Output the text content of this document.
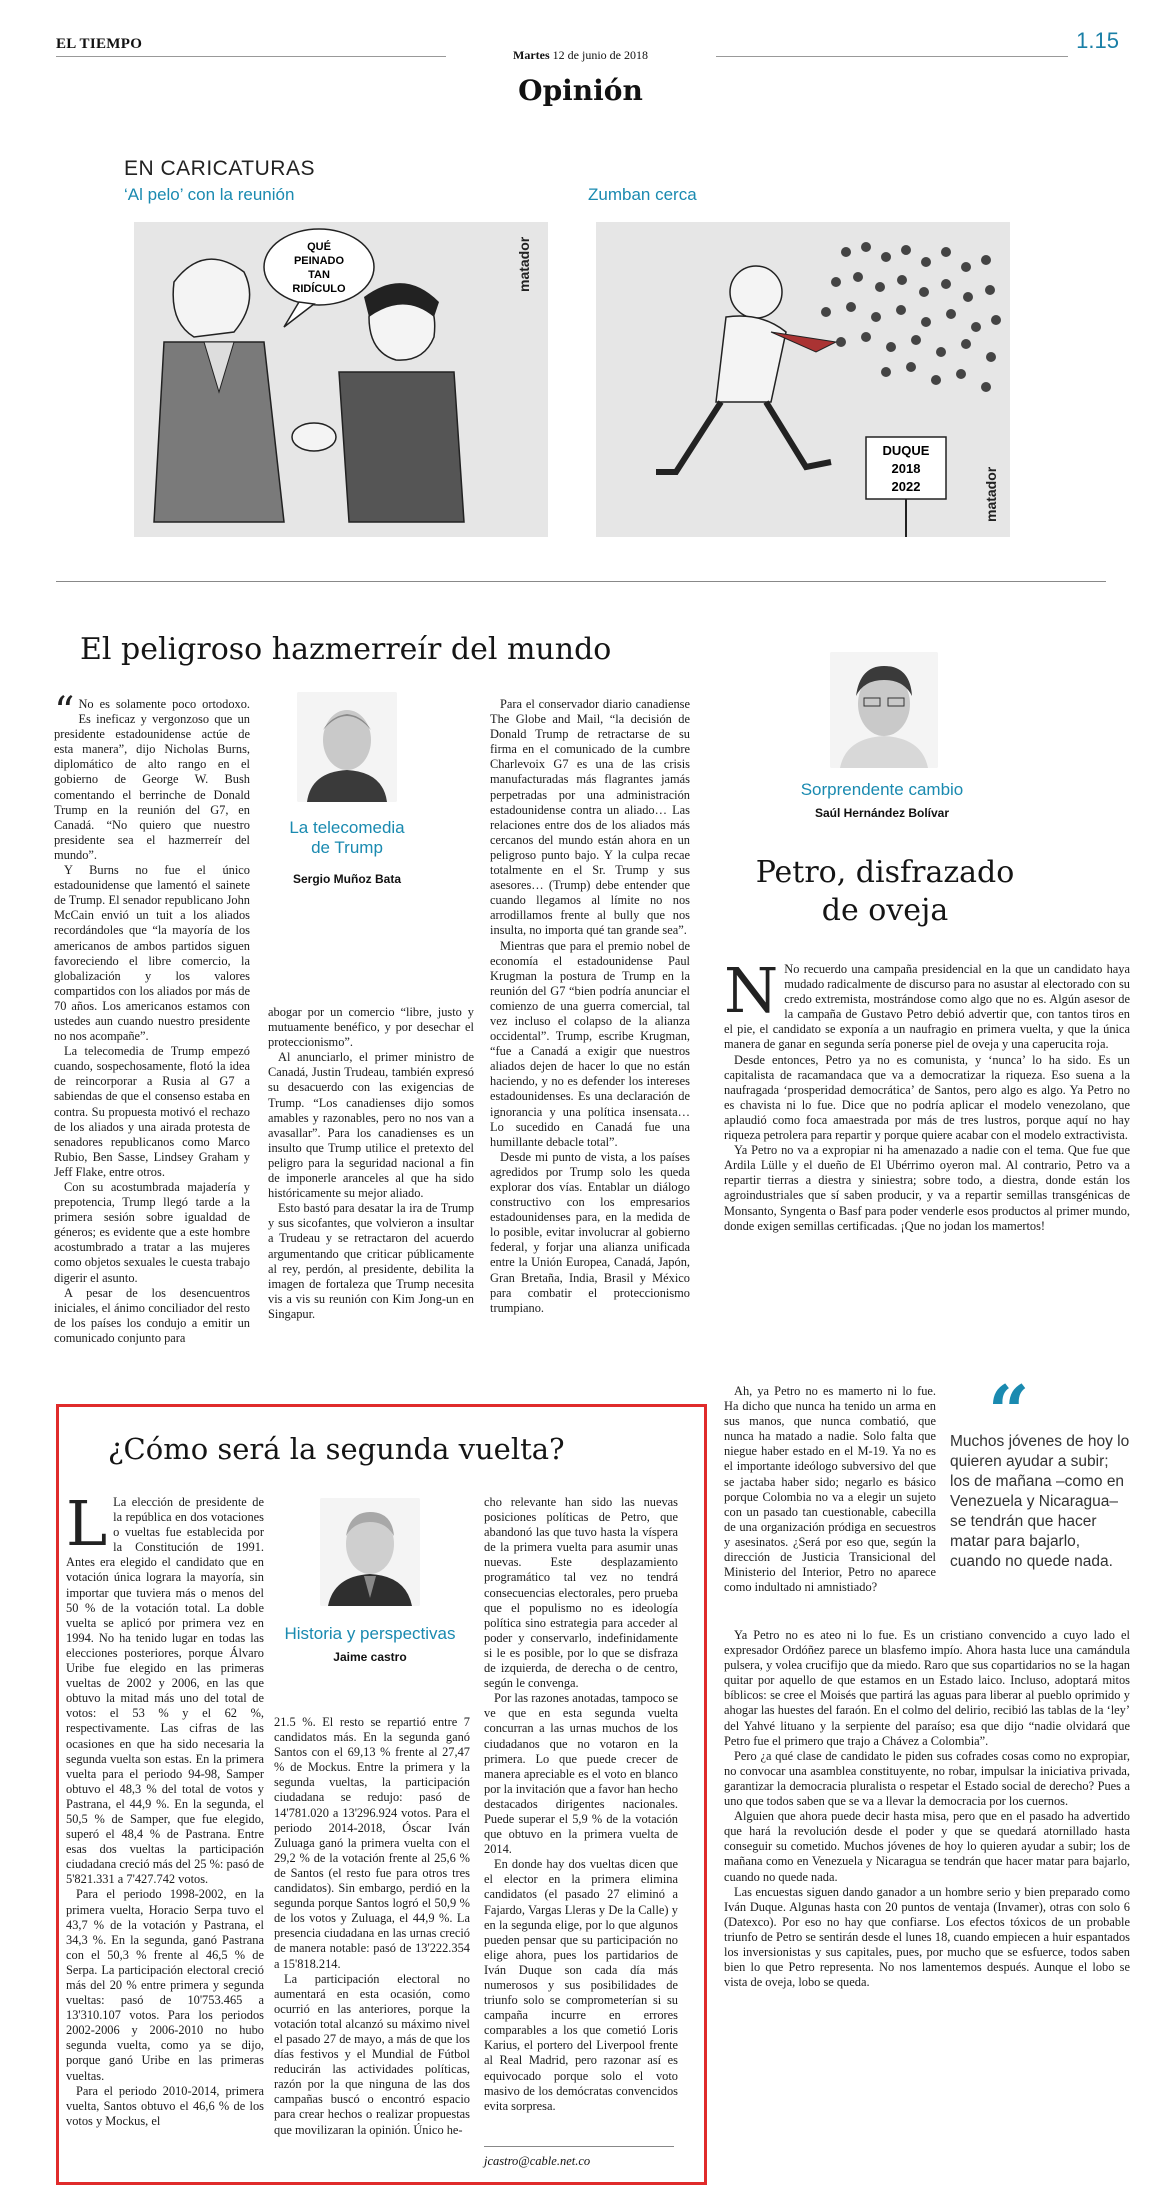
EL TIEMPO
Martes 12 de junio de 2018
1.15
Opinión
EN CARICATURAS
‘Al pelo’ con la reunión	Zumban cerca
QUÉ
PEINADO
TAN
RIDÍCULO	matador
DUQUE
2018
2022	matador
El peligroso hazmerreír del mundo

“ No es solamente poco ortodoxo. Es ineficaz y vergonzoso que un presidente estadounidense actúe de esta manera”, dijo Nicholas Burns, diplomático de alto rango en el gobierno de George W. Bush comentando el berrinche de Donald Trump en la reunión del G7, en Canadá. “No quiero que nuestro presidente sea el hazmerreír del mundo”.

Y Burns no fue el único estadounidense que lamentó el sainete de Trump. El senador republicano John McCain envió un tuit a los aliados recordándoles que “la mayoría de los americanos de ambos partidos siguen favoreciendo el libre comercio, la globalización y los valores compartidos con los aliados por más de 70 años. Los americanos estamos con ustedes aun cuando nuestro presidente no nos acompañe”.

La telecomedia de Trump empezó cuando, sospechosamente, flotó la idea de reincorporar a Rusia al G7 a sabiendas de que el consenso estaba en contra. Su propuesta motivó el rechazo de los aliados y una airada protesta de senadores republicanos como Marco Rubio, Ben Sasse, Lindsey Graham y Jeff Flake, entre otros.

Con su acostumbrada majadería y prepotencia, Trump llegó tarde a la primera sesión sobre igualdad de géneros; es evidente que a este hombre acostumbrado a tratar a las mujeres como objetos sexuales le cuesta trabajo digerir el asunto.

A pesar de los desencuentros iniciales, el ánimo conciliador del resto de los países los condujo a emitir un comunicado conjunto para

La telecomedia
de Trump
Sergio Muñoz Bata

abogar por un comercio “libre, justo y mutuamente benéfico, y por desechar el proteccionismo”.

Al anunciarlo, el primer ministro de Canadá, Justin Trudeau, también expresó su desacuerdo con las exigencias de Trump. “Los canadienses dijo somos amables y razonables, pero no nos van a avasallar”. Para los canadienses es un insulto que Trump utilice el pretexto del peligro para la seguridad nacional a fin de imponerle aranceles al que ha sido históricamente su mejor aliado.

Esto bastó para desatar la ira de Trump y sus sicofantes, que volvieron a insultar a Trudeau y se retractaron del acuerdo argumentando que criticar públicamente al rey, perdón, al presidente, debilita la imagen de fortaleza que Trump necesita vis a vis su reunión con Kim Jong-un en Singapur.

Para el conservador diario canadiense The Globe and Mail, “la decisión de Donald Trump de retractarse de su firma en el comunicado de la cumbre Charlevoix G7 es una de las crisis manufacturadas más flagrantes jamás perpetradas por una administración estadounidense contra un aliado… Las relaciones entre dos de los aliados más cercanos del mundo están ahora en un peligroso punto bajo. Y la culpa recae totalmente en el Sr. Trump y sus asesores… (Trump) debe entender que cuando llegamos al límite no nos arrodillamos frente al bully que nos insulta, no importa qué tan grande sea”.

Mientras que para el premio nobel de economía el estadounidense Paul Krugman la postura de Trump en la reunión del G7 “bien podría anunciar el comienzo de una guerra comercial, tal vez incluso el colapso de la alianza occidental”. Trump, escribe Krugman, “fue a Canadá a exigir que nuestros aliados dejen de hacer lo que no están haciendo, y no es defender los intereses estadounidenses. Es una declaración de ignorancia y una política insensata… Lo sucedido en Canadá fue una humillante debacle total”.

Desde mi punto de vista, a los países agredidos por Trump solo les queda explorar dos vías. Entablar un diálogo constructivo con los empresarios estadounidenses para, en la medida de lo posible, evitar involucrar al gobierno federal, y forjar una alianza unificada entre la Unión Europea, Canadá, Japón, Gran Bretaña, India, Brasil y México para combatir el proteccionismo trumpiano.

Sorprendente cambio
Saúl Hernández Bolívar
Petro, disfrazado
de oveja

N No recuerdo una campaña presidencial en la que un candidato haya mudado radicalmente de discurso para no asustar al electorado con su credo extremista, mostrándose como algo que no es. Algún asesor de la campaña de Gustavo Petro debió advertir que, con tantos tiros en el pie, el candidato se exponía a un naufragio en primera vuelta, y que la única manera de ganar en segunda sería ponerse piel de oveja y una caperucita roja.

Desde entonces, Petro ya no es comunista, y ‘nunca’ lo ha sido. Es un capitalista de racamandaca que va a democratizar la riqueza. Eso suena a la naufragada ‘prosperidad democrática’ de Santos, pero algo es algo. Ya Petro no es chavista ni lo fue. Dice que no podría aplicar el modelo venezolano, que aplaudió como foca amaestrada por más de tres lustros, porque aquí no hay riqueza petrolera para repartir y porque quiere acabar con el modelo extractivista.

Ya Petro no va a expropiar ni ha amenazado a nadie con el tema. Que fue que Ardila Lülle y el dueño de El Ubérrimo oyeron mal. Al contrario, Petro va a repartir tierras a diestra y siniestra; sobre todo, a diestra, donde están los agroindustriales que sí saben producir, y va a repartir semillas transgénicas de Monsanto, Syngenta o Basf para poder venderle esos productos al primer mundo, donde exigen semillas certificadas. ¡Que no jodan los mamertos!

Ah, ya Petro no es mamerto ni lo fue. Ha dicho que nunca ha tenido un arma en sus manos, que nunca combatió, que nunca ha matado a nadie. Solo falta que niegue haber estado en el M-19. Ya no es el importante ideólogo subversivo del que se jactaba haber sido; negarlo es básico porque Colombia no va a elegir un sujeto con un pasado tan cuestionable, cabecilla de una organización pródiga en secuestros y asesinatos. ¿Será por eso que, según la dirección de Justicia Transicional del Ministerio del Interior, Petro no aparece como indultado ni amnistiado?

“
Muchos jóvenes de hoy lo quieren ayudar a subir; los de mañana –como en Venezuela y Nicaragua– se tendrán que hacer matar para bajarlo, cuando no quede nada.

Ya Petro no es ateo ni lo fue. Es un cristiano convencido a cuyo lado el expresador Ordóñez parece un blasfemo impío. Ahora hasta luce una camándula pulsera, y volea crucifijo que da miedo. Raro que sus copartidarios no se la hagan quitar por aquello de que estamos en un Estado laico. Incluso, adoptará mitos bíblicos: se cree el Moisés que partirá las aguas para liberar al pueblo oprimido y ahogar las huestes del faraón. En el colmo del delirio, recibió las tablas de la ‘ley’ del Yahvé lituano y la serpiente del paraíso; esa que dijo “nadie olvidará que Petro fue el primero que trajo a Chávez a Colombia”.

Pero ¿a qué clase de candidato le piden sus cofrades cosas como no expropiar, no convocar una asamblea constituyente, no robar, impulsar la iniciativa privada, garantizar la democracia pluralista o respetar el Estado social de derecho? Pues a uno que todos saben que se va a llevar la democracia por los cuernos.

Alguien que ahora puede decir hasta misa, pero que en el pasado ha advertido que hará la revolución desde el poder y que se quedará atornillado hasta conseguir su cometido. Muchos jóvenes de hoy lo quieren ayudar a subir; los de mañana como en Venezuela y Nicaragua se tendrán que hacer matar para bajarlo, cuando no quede nada.

Las encuestas siguen dando ganador a un hombre serio y bien preparado como Iván Duque. Algunas hasta con 20 puntos de ventaja (Invamer), otras con solo 6 (Datexco). Por eso no hay que confiarse. Los efectos tóxicos de un probable triunfo de Petro se sentirán desde el lunes 18, cuando empiecen a huir espantados los inversionistas y sus capitales, pues, por mucho que se esfuerce, todos saben bien lo que Petro representa. No nos lamentemos después. Aunque el lobo se vista de oveja, lobo se queda.

¿Cómo será la segunda vuelta?

L La elección de presidente de la república en dos votaciones o vueltas fue establecida por la Constitución de 1991. Antes era elegido el candidato que en votación única lograra la mayoría, sin importar que tuviera más o menos del 50 % de la votación total. La doble vuelta se aplicó por primera vez en 1994. No ha tenido lugar en todas las elecciones posteriores, porque Álvaro Uribe fue elegido en las primeras vueltas de 2002 y 2006, en las que obtuvo la mitad más uno del total de votos: el 53 % y el 62 %, respectivamente. Las cifras de las ocasiones en que ha sido necesaria la segunda vuelta son estas. En la primera vuelta para el periodo 94-98, Samper obtuvo el 48,3 % del total de votos y Pastrana, el 44,9 %. En la segunda, el 50,5 % de Samper, que fue elegido, superó el 48,4 % de Pastrana. Entre esas dos vueltas la participación ciudadana creció más del 25 %: pasó de 5'821.331 a 7'427.742 votos.

Para el periodo 1998-2002, en la primera vuelta, Horacio Serpa tuvo el 43,7 % de la votación y Pastrana, el 34,3 %. En la segunda, ganó Pastrana con el 50,3 % frente al 46,5 % de Serpa. La participación electoral creció más del 20 % entre primera y segunda vueltas: pasó de 10'753.465 a 13'310.107 votos. Para los periodos 2002-2006 y 2006-2010 no hubo segunda vuelta, como ya se dijo, porque ganó Uribe en las primeras vueltas.

Para el periodo 2010-2014, primera vuelta, Santos obtuvo el 46,6 % de los votos y Mockus, el

Historia y perspectivas
Jaime castro

21.5 %. El resto se repartió entre 7 candidatos más. En la segunda ganó Santos con el 69,13 % frente al 27,47 % de Mockus. Entre la primera y la segunda vueltas, la participación ciudadana se redujo: pasó de 14'781.020 a 13'296.924 votos. Para el periodo 2014-2018, Óscar Iván Zuluaga ganó la primera vuelta con el 29,2 % de la votación frente al 25,6 % de Santos (el resto fue para otros tres candidatos). Sin embargo, perdió en la segunda porque Santos logró el 50,9 % de los votos y Zuluaga, el 44,9 %. La presencia ciudadana en las urnas creció de manera notable: pasó de 13'222.354 a 15'818.214.

La participación electoral no aumentará en esta ocasión, como ocurrió en las anteriores, porque la votación total alcanzó su máximo nivel el pasado 27 de mayo, a más de que los días festivos y el Mundial de Fútbol reducirán las actividades políticas, razón por la que ninguna de las dos campañas buscó o encontró espacio para crear hechos o realizar propuestas que movilizaran la opinión. Único he-

cho relevante han sido las nuevas posiciones políticas de Petro, que abandonó las que tuvo hasta la víspera de la primera vuelta para asumir unas nuevas. Este desplazamiento programático tal vez no tendrá consecuencias electorales, pero prueba que el populismo no es ideología política sino estrategia para acceder al poder y conservarlo, indefinidamente si le es posible, por lo que se disfraza de izquierda, de derecha o de centro, según le convenga.

Por las razones anotadas, tampoco se ve que en esta segunda vuelta concurran a las urnas muchos de los ciudadanos que no votaron en la primera. Lo que puede crecer de manera apreciable es el voto en blanco por la invitación que a favor han hecho destacados dirigentes nacionales. Puede superar el 5,9 % de la votación que obtuvo en la primera vuelta de 2014.

En donde hay dos vueltas dicen que el elector en la primera elimina candidatos (el pasado 27 eliminó a Fajardo, Vargas Lleras y De la Calle) y en la segunda elige, por lo que algunos pueden pensar que su participación no elige ahora, pues los partidarios de Iván Duque son cada día más numerosos y sus posibilidades de triunfo solo se comprometerían si su campaña incurre en errores comparables a los que cometió Loris Karius, el portero del Liverpool frente al Real Madrid, pero razonar así es equivocado porque solo el voto masivo de los demócratas convencidos evita sorpresa.

jcastro@cable.net.co
